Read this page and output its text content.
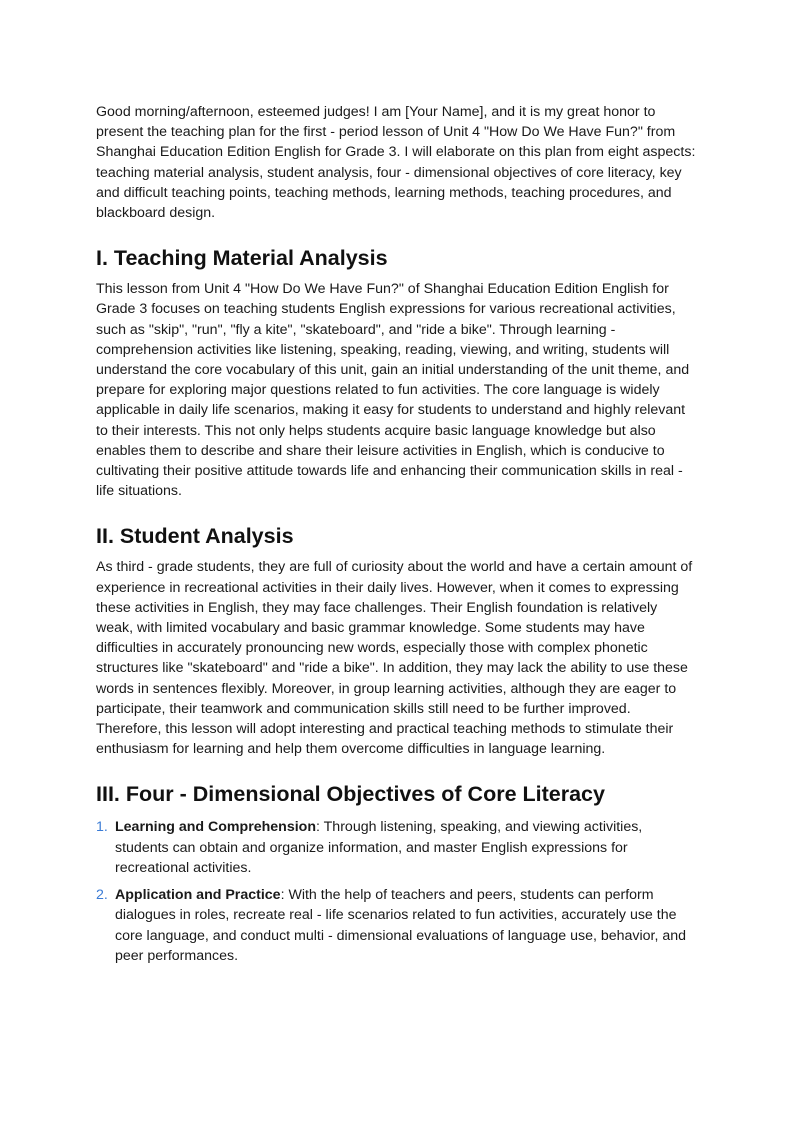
Good morning/afternoon, esteemed judges! I am [Your Name], and it is my great honor to present the teaching plan for the first - period lesson of Unit 4 "How Do We Have Fun?" from Shanghai Education Edition English for Grade 3. I will elaborate on this plan from eight aspects: teaching material analysis, student analysis, four - dimensional objectives of core literacy, key and difficult teaching points, teaching methods, learning methods, teaching procedures, and blackboard design.

I. Teaching Material Analysis

This lesson from Unit 4 "How Do We Have Fun?" of Shanghai Education Edition English for Grade 3 focuses on teaching students English expressions for various recreational activities, such as "skip", "run", "fly a kite", "skateboard", and "ride a bike". Through learning - comprehension activities like listening, speaking, reading, viewing, and writing, students will understand the core vocabulary of this unit, gain an initial understanding of the unit theme, and prepare for exploring major questions related to fun activities. The core language is widely applicable in daily life scenarios, making it easy for students to understand and highly relevant to their interests. This not only helps students acquire basic language knowledge but also enables them to describe and share their leisure activities in English, which is conducive to cultivating their positive attitude towards life and enhancing their communication skills in real - life situations.

II. Student Analysis

As third - grade students, they are full of curiosity about the world and have a certain amount of experience in recreational activities in their daily lives. However, when it comes to expressing these activities in English, they may face challenges. Their English foundation is relatively weak, with limited vocabulary and basic grammar knowledge. Some students may have difficulties in accurately pronouncing new words, especially those with complex phonetic structures like "skateboard" and "ride a bike". In addition, they may lack the ability to use these words in sentences flexibly. Moreover, in group learning activities, although they are eager to participate, their teamwork and communication skills still need to be further improved. Therefore, this lesson will adopt interesting and practical teaching methods to stimulate their enthusiasm for learning and help them overcome difficulties in language learning.

III. Four - Dimensional Objectives of Core Literacy
1. Learning and Comprehension: Through listening, speaking, and viewing activities, students can obtain and organize information, and master English expressions for recreational activities.
2. Application and Practice: With the help of teachers and peers, students can perform dialogues in roles, recreate real - life scenarios related to fun activities, accurately use the core language, and conduct multi - dimensional evaluations of language use, behavior, and peer performances.
